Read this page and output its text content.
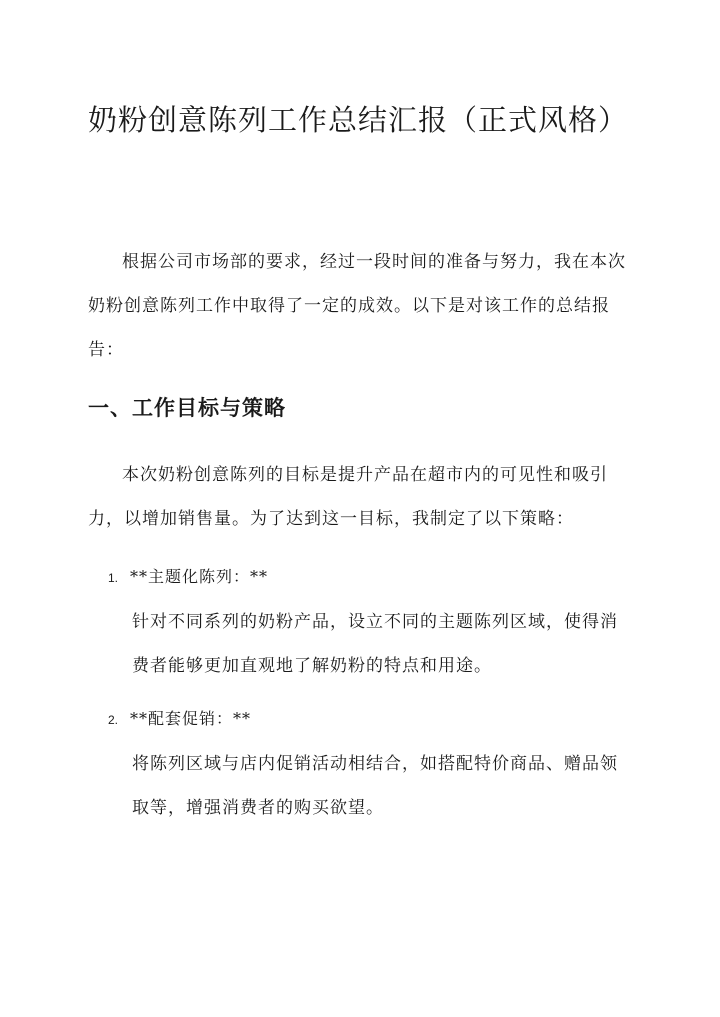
奶粉创意陈列工作总结汇报（正式风格）

根据公司市场部的要求，经过一段时间的准备与努力，我在本次奶粉创意陈列工作中取得了一定的成效。以下是对该工作的总结报告：

一、工作目标与策略

本次奶粉创意陈列的目标是提升产品在超市内的可见性和吸引力，以增加销售量。为了达到这一目标，我制定了以下策略：

1. **主题化陈列：**
针对不同系列的奶粉产品，设立不同的主题陈列区域，使得消费者能够更加直观地了解奶粉的特点和用途。
2. **配套促销：**
将陈列区域与店内促销活动相结合，如搭配特价商品、赠品领取等，增强消费者的购买欲望。
